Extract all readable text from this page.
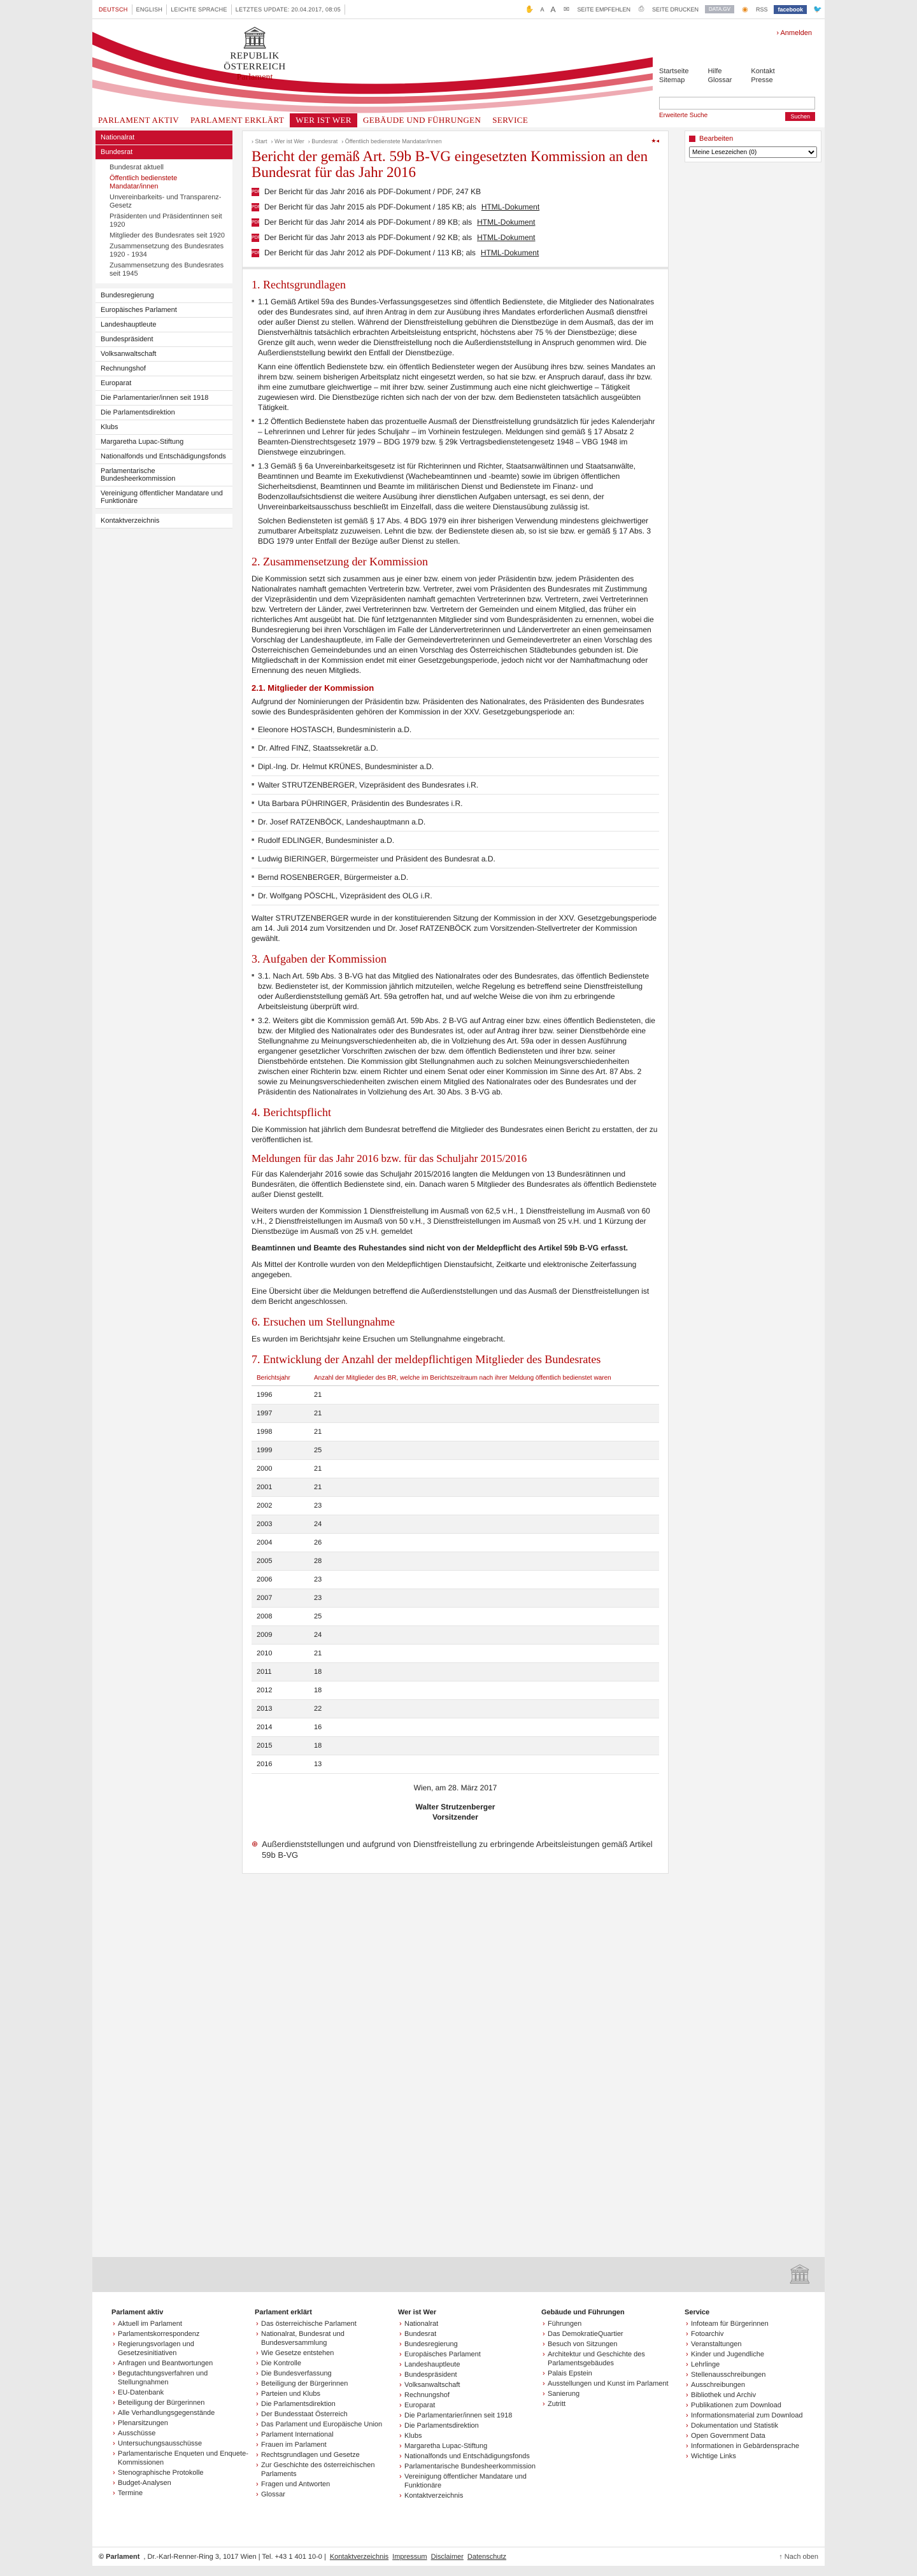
DEUTSCH	ENGLISH	LEICHTE SPRACHE	LETZTES UPDATE: 20.04.2017, 08:05	✋ A A ✉ SEITE EMPFEHLEN ⎙ SEITE DRUCKEN	DATA.GV	◉ RSS	facebook	🐦
🏛
REPUBLIK ÖSTERREICH
Parlament
› Anmelden
Startseite
Sitemap
Hilfe
Glossar
Kontakt
Presse
Erweiterte Suche	Suchen
PARLAMENT AKTIV	PARLAMENT ERKLÄRT	WER IST WER	GEBÄUDE UND FÜHRUNGEN	SERVICE
Nationalrat
Bundesrat
Bundesrat aktuell
Öffentlich bedienstete Mandatar/innen
Unvereinbarkeits- und Transparenz-Gesetz
Präsidenten und Präsidentinnen seit 1920
Mitglieder des Bundesrates seit 1920
Zusammensetzung des Bundesrates 1920 - 1934
Zusammensetzung des Bundesrates seit 1945
Bundesregierung
Europäisches Parlament
Landeshauptleute
Bundespräsident
Volksanwaltschaft
Rechnungshof
Europarat
Die Parlamentarier/innen seit 1918
Die Parlamentsdirektion
Klubs
Margaretha Lupac-Stiftung
Nationalfonds und Entschädigungsfonds
Parlamentarische Bundesheerkommission
Vereinigung öffentlicher Mandatare und Funktionäre
Kontaktverzeichnis
› Start › Wer ist Wer › Bundesrat › Öffentlich bedienstete Mandatar/innen	★◂
Bericht der gemäß Art. 59b B-VG eingesetzten Kommission an den Bundesrat für das Jahr 2016
PDF Der Bericht für das Jahr 2016 als PDF-Dokument / PDF, 247 KB
PDF Der Bericht für das Jahr 2015 als PDF-Dokument / 185 KB; als HTML-Dokument
PDF Der Bericht für das Jahr 2014 als PDF-Dokument / 89 KB; als HTML-Dokument
PDF Der Bericht für das Jahr 2013 als PDF-Dokument / 92 KB; als HTML-Dokument
PDF Der Bericht für das Jahr 2012 als PDF-Dokument / 113 KB; als HTML-Dokument
1. Rechtsgrundlagen
■ 1.1 Gemäß Artikel 59a des Bundes-Verfassungsgesetzes sind öffentlich Bedienstete, die Mitglieder des Nationalrates oder des Bundesrates sind, auf ihren Antrag in dem zur Ausübung ihres Mandates erforderlichen Ausmaß dienstfrei oder außer Dienst zu stellen. Während der Dienstfreistellung gebühren die Dienstbezüge in dem Ausmaß, das der im Dienstverhältnis tatsächlich erbrachten Arbeitsleistung entspricht, höchstens aber 75 % der Dienstbezüge; diese Grenze gilt auch, wenn weder die Dienstfreistellung noch die Außerdienststellung in Anspruch genommen wird. Die Außerdienststellung bewirkt den Entfall der Dienstbezüge.

Kann eine öffentlich Bedienstete bzw. ein öffentlich Bediensteter wegen der Ausübung ihres bzw. seines Mandates an ihrem bzw. seinem bisherigen Arbeitsplatz nicht eingesetzt werden, so hat sie bzw. er Anspruch darauf, dass ihr bzw. ihm eine zumutbare gleichwertige – mit ihrer bzw. seiner Zustimmung auch eine nicht gleichwertige – Tätigkeit zugewiesen wird. Die Dienstbezüge richten sich nach der von der bzw. dem Bediensteten tatsächlich ausgeübten Tätigkeit.

■ 1.2 Öffentlich Bedienstete haben das prozentuelle Ausmaß der Dienstfreistellung grundsätzlich für jedes Kalenderjahr – Lehrerinnen und Lehrer für jedes Schuljahr – im Vorhinein festzulegen. Meldungen sind gemäß § 17 Absatz 2 Beamten-Dienstrechtsgesetz 1979 – BDG 1979 bzw. § 29k Vertragsbedienstetengesetz 1948 – VBG 1948 im Dienstwege einzubringen.
■ 1.3 Gemäß § 6a Unvereinbarkeitsgesetz ist für Richterinnen und Richter, Staatsanwältinnen und Staatsanwälte, Beamtinnen und Beamte im Exekutivdienst (Wachebeamtinnen und -beamte) sowie im übrigen öffentlichen Sicherheitsdienst, Beamtinnen und Beamte im militärischen Dienst und Bedienstete im Finanz- und Bodenzollaufsichtsdienst die weitere Ausübung ihrer dienstlichen Aufgaben untersagt, es sei denn, der Unvereinbarkeitsausschuss beschließt im Einzelfall, dass die weitere Dienstausübung zulässig ist.

Solchen Bediensteten ist gemäß § 17 Abs. 4 BDG 1979 ein ihrer bisherigen Verwendung mindestens gleichwertiger zumutbarer Arbeitsplatz zuzuweisen. Lehnt die bzw. der Bedienstete diesen ab, so ist sie bzw. er gemäß § 17 Abs. 3 BDG 1979 unter Entfall der Bezüge außer Dienst zu stellen.

2. Zusammensetzung der Kommission

Die Kommission setzt sich zusammen aus je einer bzw. einem von jeder Präsidentin bzw. jedem Präsidenten des Nationalrates namhaft gemachten Vertreterin bzw. Vertreter, zwei vom Präsidenten des Bundesrates mit Zustimmung der Vizepräsidentin und dem Vizepräsidenten namhaft gemachten Vertreterinnen bzw. Vertretern, zwei Vertreterinnen bzw. Vertretern der Länder, zwei Vertreterinnen bzw. Vertretern der Gemeinden und einem Mitglied, das früher ein richterliches Amt ausgeübt hat. Die fünf letztgenannten Mitglieder sind vom Bundespräsidenten zu ernennen, wobei die Bundesregierung bei ihren Vorschlägen im Falle der Ländervertreterinnen und Ländervertreter an einen gemeinsamen Vorschlag der Landeshauptleute, im Falle der Gemeindevertreterinnen und Gemeindevertreter an einen Vorschlag des Österreichischen Gemeindebundes und an einen Vorschlag des Österreichischen Städtebundes gebunden ist. Die Mitgliedschaft in der Kommission endet mit einer Gesetzgebungsperiode, jedoch nicht vor der Namhaftmachung oder Ernennung des neuen Mitglieds.

2.1. Mitglieder der Kommission

Aufgrund der Nominierungen der Präsidentin bzw. Präsidenten des Nationalrates, des Präsidenten des Bundesrates sowie des Bundespräsidenten gehören der Kommission in der XXV. Gesetzgebungsperiode an:

■ Eleonore HOSTASCH, Bundesministerin a.D.
■ Dr. Alfred FINZ, Staatssekretär a.D.
■ Dipl.-Ing. Dr. Helmut KRÜNES, Bundesminister a.D.
■ Walter STRUTZENBERGER, Vizepräsident des Bundesrates i.R.
■ Uta Barbara PÜHRINGER, Präsidentin des Bundesrates i.R.
■ Dr. Josef RATZENBÖCK, Landeshauptmann a.D.
■ Rudolf EDLINGER, Bundesminister a.D.
■ Ludwig BIERINGER, Bürgermeister und Präsident des Bundesrat a.D.
■ Bernd ROSENBERGER, Bürgermeister a.D.
■ Dr. Wolfgang PÖSCHL, Vizepräsident des OLG i.R.

Walter STRUTZENBERGER wurde in der konstituierenden Sitzung der Kommission in der XXV. Gesetzgebungsperiode am 14. Juli 2014 zum Vorsitzenden und Dr. Josef RATZENBÖCK zum Vorsitzenden-Stellvertreter der Kommission gewählt.

3. Aufgaben der Kommission
■ 3.1. Nach Art. 59b Abs. 3 B-VG hat das Mitglied des Nationalrates oder des Bundesrates, das öffentlich Bedienstete bzw. Bediensteter ist, der Kommission jährlich mitzuteilen, welche Regelung es betreffend seine Dienstfreistellung oder Außerdienststellung gemäß Art. 59a getroffen hat, und auf welche Weise die von ihm zu erbringende Arbeitsleistung überprüft wird.
■ 3.2. Weiters gibt die Kommission gemäß Art. 59b Abs. 2 B-VG auf Antrag einer bzw. eines öffentlich Bediensteten, die bzw. der Mitglied des Nationalrates oder des Bundesrates ist, oder auf Antrag ihrer bzw. seiner Dienstbehörde eine Stellungnahme zu Meinungsverschiedenheiten ab, die in Vollziehung des Art. 59a oder in dessen Ausführung ergangener gesetzlicher Vorschriften zwischen der bzw. dem öffentlich Bediensteten und ihrer bzw. seiner Dienstbehörde entstehen. Die Kommission gibt Stellungnahmen auch zu solchen Meinungsverschiedenheiten zwischen einer Richterin bzw. einem Richter und einem Senat oder einer Kommission im Sinne des Art. 87 Abs. 2 sowie zu Meinungsverschiedenheiten zwischen einem Mitglied des Nationalrates oder des Bundesrates und der Präsidentin des Nationalrates in Vollziehung des Art. 30 Abs. 3 B-VG ab.
4. Berichtspflicht

Die Kommission hat jährlich dem Bundesrat betreffend die Mitglieder des Bundesrates einen Bericht zu erstatten, der zu veröffentlichen ist.

Meldungen für das Jahr 2016 bzw. für das Schuljahr 2015/2016

Für das Kalenderjahr 2016 sowie das Schuljahr 2015/2016 langten die Meldungen von 13 Bundesrätinnen und Bundesräten, die öffentlich Bedienstete sind, ein. Danach waren 5 Mitglieder des Bundesrates als öffentlich Bedienstete außer Dienst gestellt.

Weiters wurden der Kommission 1 Dienstfreistellung im Ausmaß von 62,5 v.H., 1 Dienstfreistellung im Ausmaß von 60 v.H., 2 Dienstfreistellungen im Ausmaß von 50 v.H., 3 Dienstfreistellungen im Ausmaß von 25 v.H. und 1 Kürzung der Dienstbezüge im Ausmaß von 25 v.H. gemeldet

Beamtinnen und Beamte des Ruhestandes sind nicht von der Meldepflicht des Artikel 59b B-VG erfasst.

Als Mittel der Kontrolle wurden von den Meldepflichtigen Dienstaufsicht, Zeitkarte und elektronische Zeiterfassung angegeben.

Eine Übersicht über die Meldungen betreffend die Außerdienststellungen und das Ausmaß der Dienstfreistellungen ist dem Bericht angeschlossen.

6. Ersuchen um Stellungnahme

Es wurden im Berichtsjahr keine Ersuchen um Stellungnahme eingebracht.

7. Entwicklung der Anzahl der meldepflichtigen Mitglieder des Bundesrates
Berichtsjahr	Anzahl der Mitglieder des BR, welche im Berichtszeitraum nach ihrer Meldung öffentlich bedienstet waren
1996	21
1997	21
1998	21
1999	25
2000	21
2001	21
2002	23
2003	24
2004	26
2005	28
2006	23
2007	23
2008	25
2009	24
2010	21
2011	18
2012	18
2013	22
2014	16
2015	18
2016	13
Wien, am 28. März 2017
Walter Strutzenberger
Vorsitzender
⊕ Außerdienststellungen und aufgrund von Dienstfreistellung zu erbringende Arbeitsleistungen gemäß Artikel 59b B-VG
Bearbeiten
Meine Lesezeichen (0)
🏛
Parlament aktiv
› Aktuell im Parlament
› Parlamentskorrespondenz
› Regierungsvorlagen und Gesetzesinitiativen
› Anfragen und Beantwortungen
› Begutachtungsverfahren und Stellungnahmen
› EU-Datenbank
› Beteiligung der Bürgerinnen
› Alle Verhandlungsgegenstände
› Plenarsitzungen
› Ausschüsse
› Untersuchungsausschüsse
› Parlamentarische Enqueten und Enquete-Kommissionen
› Stenographische Protokolle
› Budget-Analysen
› Termine
Parlament erklärt
› Das österreichische Parlament
› Nationalrat, Bundesrat und Bundesversammlung
› Wie Gesetze entstehen
› Die Kontrolle
› Die Bundesverfassung
› Beteiligung der Bürgerinnen
› Parteien und Klubs
› Die Parlamentsdirektion
› Der Bundesstaat Österreich
› Das Parlament und Europäische Union
› Parlament International
› Frauen im Parlament
› Rechtsgrundlagen und Gesetze
› Zur Geschichte des österreichischen Parlaments
› Fragen und Antworten
› Glossar
Wer ist Wer
› Nationalrat
› Bundesrat
› Bundesregierung
› Europäisches Parlament
› Landeshauptleute
› Bundespräsident
› Volksanwaltschaft
› Rechnungshof
› Europarat
› Die Parlamentarier/innen seit 1918
› Die Parlamentsdirektion
› Klubs
› Margaretha Lupac-Stiftung
› Nationalfonds und Entschädigungsfonds
› Parlamentarische Bundesheerkommission
› Vereinigung öffentlicher Mandatare und Funktionäre
› Kontaktverzeichnis
Gebäude und Führungen
› Führungen
› Das DemokratieQuartier
› Besuch von Sitzungen
› Architektur und Geschichte des Parlamentsgebäudes
› Palais Epstein
› Ausstellungen und Kunst im Parlament
› Sanierung
› Zutritt
Service
› Infoteam für Bürgerinnen
› Fotoarchiv
› Veranstaltungen
› Kinder und Jugendliche
› Lehrlinge
› Stellenausschreibungen
› Ausschreibungen
› Bibliothek und Archiv
› Publikationen zum Download
› Informationsmaterial zum Download
› Dokumentation und Statistik
› Open Government Data
› Informationen in Gebärdensprache
› Wichtige Links
© Parlament , Dr.-Karl-Renner-Ring 3, 1017 Wien | Tel. +43 1 401 10-0 | Kontaktverzeichnis Impressum Disclaimer Datenschutz	↑ Nach oben
